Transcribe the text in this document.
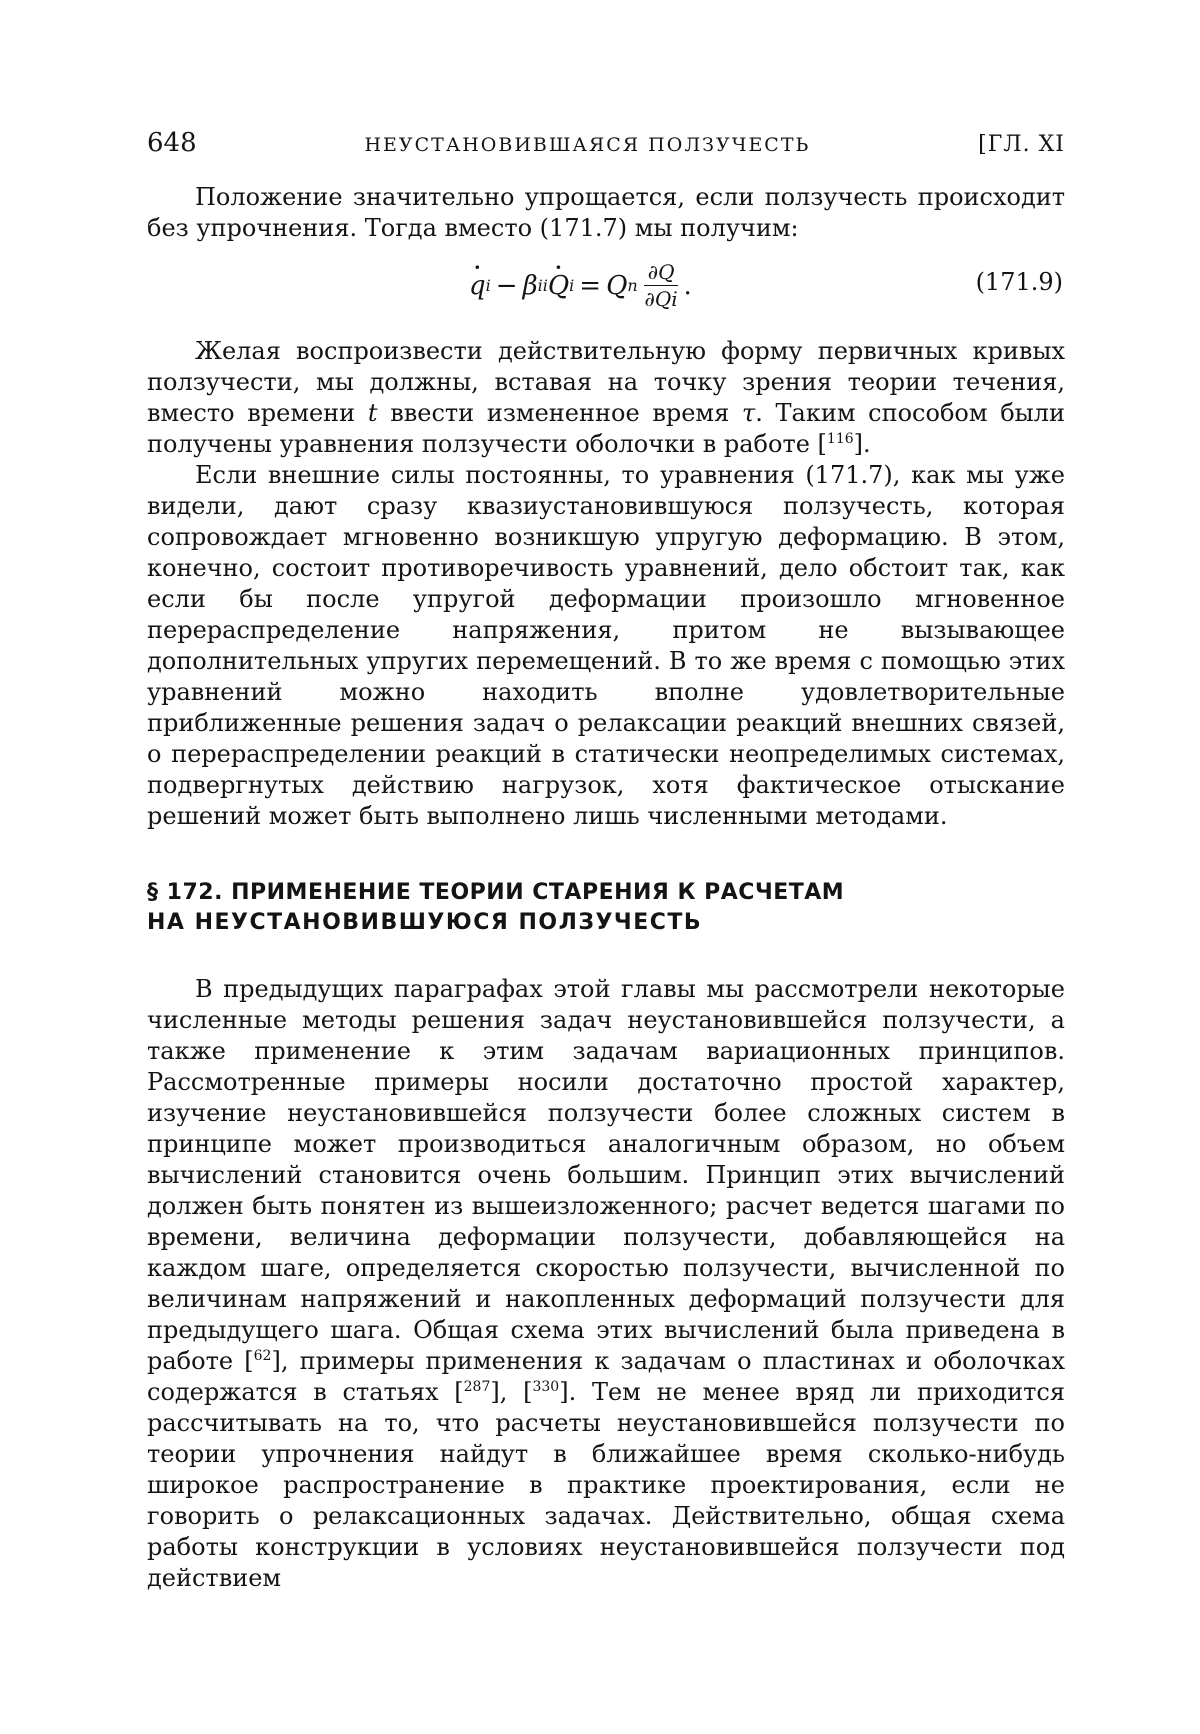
648	НЕУСТАНОВИВШАЯСЯ ПОЛЗУЧЕСТЬ	[ГЛ. XI

Положение значительно упрощается, если ползучесть происходит без упрочнения. Тогда вместо (171.7) мы получим:

· q i − β ii
· Q i = Q n $\frac{\partial Q}{\partial Qi}$ .	(171.9)

Желая воспроизвести действительную форму первичных кривых ползучести, мы должны, вставая на точку зрения теории течения, вместо времени t ввести измененное время τ. Таким способом были получены уравнения ползучести оболочки в работе [$^{116}$].

Если внешние силы постоянны, то уравнения (171.7), как мы уже видели, дают сразу квазиустановившуюся ползучесть, которая сопровождает мгновенно возникшую упругую деформацию. В этом, конечно, состоит противоречивость уравнений, дело обстоит так, как если бы после упругой деформации произошло мгновенное перераспределение напряжения, притом не вызывающее дополнительных упругих перемещений. В то же время с помощью этих уравнений можно находить вполне удовлетворительные приближенные решения задач о релаксации реакций внешних связей, о перераспределении реакций в статически неопределимых системах, подвергнутых действию нагрузок, хотя фактическое отыскание решений может быть выполнено лишь численными методами.

§ 172. ПРИМЕНЕНИЕ ТЕОРИИ СТАРЕНИЯ К РАСЧЕТАМ
НА НЕУСТАНОВИВШУЮСЯ ПОЛЗУЧЕСТЬ

В предыдущих параграфах этой главы мы рассмотрели некоторые численные методы решения задач неустановившейся ползучести, а также применение к этим задачам вариационных принципов. Рассмотренные примеры носили достаточно простой характер, изучение неустановившейся ползучести более сложных систем в принципе может производиться аналогичным образом, но объем вычислений становится очень большим. Принцип этих вычислений должен быть понятен из вышеизложенного; расчет ведется шагами по времени, величина деформации ползучести, добавляющейся на каждом шаге, определяется скоростью ползучести, вычисленной по величинам напряжений и накопленных деформаций ползучести для предыдущего шага. Общая схема этих вычислений была приведена в работе [$^{62}$], примеры применения к задачам о пластинах и оболочках содержатся в статьях [$^{287}$], [$^{330}$]. Тем не менее вряд ли приходится рассчитывать на то, что расчеты неустановившейся ползучести по теории упрочнения найдут в ближайшее время сколько-нибудь широкое распространение в практике проектирования, если не говорить о релаксационных задачах. Действительно, общая схема работы конструкции в условиях неустановившейся ползучести под действием
